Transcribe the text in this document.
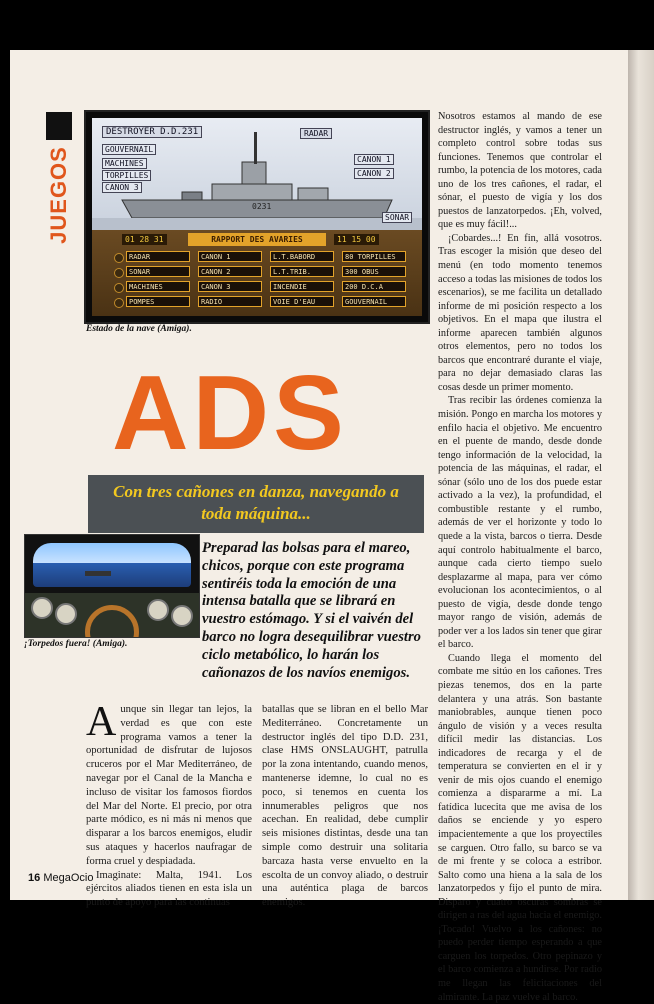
JUEGOS
DESTROYER D.D.231	RADAR
GOUVERNAIL
MACHINES
TORPILLES
CANON 3
CANON 1
CANON 2
SONAR
0231
01 28 31	RAPPORT DES AVARIES	11 15 00
RADAR	CANON 1	L.T.BABORD	80 TORPILLES
SONAR	CANON 2	L.T.TRIB.	300 OBUS
MACHINES	CANON 3	INCENDIE	200 D.C.A
POMPES	RADIO	VOIE D'EAU	GOUVERNAIL
Estado de la nave (Amiga).
ADS
Con tres cañones en danza, navegando a toda máquina...
¡Torpedos fuera! (Amiga).
Preparad las bolsas para el mareo, chicos, porque con este programa sentiréis toda la emoción de una intensa batalla que se librará en vuestro estómago. Y si el vaivén del barco no logra desequilibrar vuestro ciclo metabólico, lo harán los cañonazos de los navíos enemigos.

Aunque sin llegar tan lejos, la verdad es que con este programa vamos a tener la oportunidad de disfrutar de lujosos cruceros por el Mar Mediterráneo, de navegar por el Canal de la Mancha e incluso de visitar los famosos fiordos del Mar del Norte. El precio, por otra parte módico, es ni más ni menos que disparar a los barcos enemigos, eludir sus ataques y hacerlos naufragar de forma cruel y despiadada.

Imaginate: Malta, 1941. Los ejércitos aliados tienen en esta isla un punto de apoyo para las continuas

batallas que se libran en el bello Mar Mediterráneo. Concretamente un destructor inglés del tipo D.D. 231, clase HMS ONSLAUGHT, patrulla por la zona intentando, cuando menos, mantenerse idemne, lo cual no es poco, si tenemos en cuenta los innumerables peligros que nos acechan. En realidad, debe cumplir seis misiones distintas, desde una tan simple como destruir una solitaria barcaza hasta verse envuelto en la escolta de un convoy aliado, o destruir una auténtica plaga de barcos enemigos.

Nosotros estamos al mando de ese destructor inglés, y vamos a tener un completo control sobre todas sus funciones. Tenemos que controlar el rumbo, la potencia de los motores, cada uno de los tres cañones, el radar, el sónar, el puesto de vigía y los dos puestos de lanzatorpedos. ¡Eh, volved, que es muy fácil!...

¡Cobardes...! En fin, allá vosotros. Tras escoger la misión que deseo del menú (en todo momento tenemos acceso a todas las misiones de todos los escenarios), se me facilita un detallado informe de mi posición respecto a los objetivos. En el mapa que ilustra el informe aparecen también algunos otros elementos, pero no todos los barcos que encontraré durante el viaje, para no dejar demasiado claras las cosas desde un primer momento.

Tras recibir las órdenes comienza la misión. Pongo en marcha los motores y enfilo hacia el objetivo. Me encuentro en el puente de mando, desde donde tengo información de la velocidad, la potencia de las máquinas, el radar, el sónar (sólo uno de los dos puede estar activado a la vez), la profundidad, el combustible restante y el rumbo, además de ver el horizonte y todo lo quede a la vista, barcos o tierra. Desde aquí controlo habitualmente el barco, aunque cada cierto tiempo suelo desplazarme al mapa, para ver cómo evolucionan los acontecimientos, o al puesto de vigía, desde donde tengo mayor rango de visión, además de poder ver a los lados sin tener que girar el barco.

Cuando llega el momento del combate me sitúo en los cañones. Tres piezas tenemos, dos en la parte delantera y una atrás. Son bastante maniobrables, aunque tienen poco ángulo de visión y a veces resulta difícil medir las distancias. Los indicadores de recarga y el de temperatura se convierten en el ir y venir de mis ojos cuando el enemigo comienza a dispararme a mí. La fatídica lucecita que me avisa de los daños se enciende y yo espero impacientemente a que los proyectiles se carguen. Otro fallo, su barco se va de mi frente y se coloca a estribor. Salto como una hiena a la sala de los lanzatorpedos y fijo el punto de mira. Disparo y cuatro oscuras sombras se dirigen a ras del agua hacia el enemigo. ¡Tocado! Vuelvo a los cañones: no puedo perder tiempo esperando a que carguen los torpedos. Otro pepinazo y el barco comienza a hundirse. Por radio me llegan las felicitaciones del almirante. La paz vuelve al barco.

16 MegaOcio
